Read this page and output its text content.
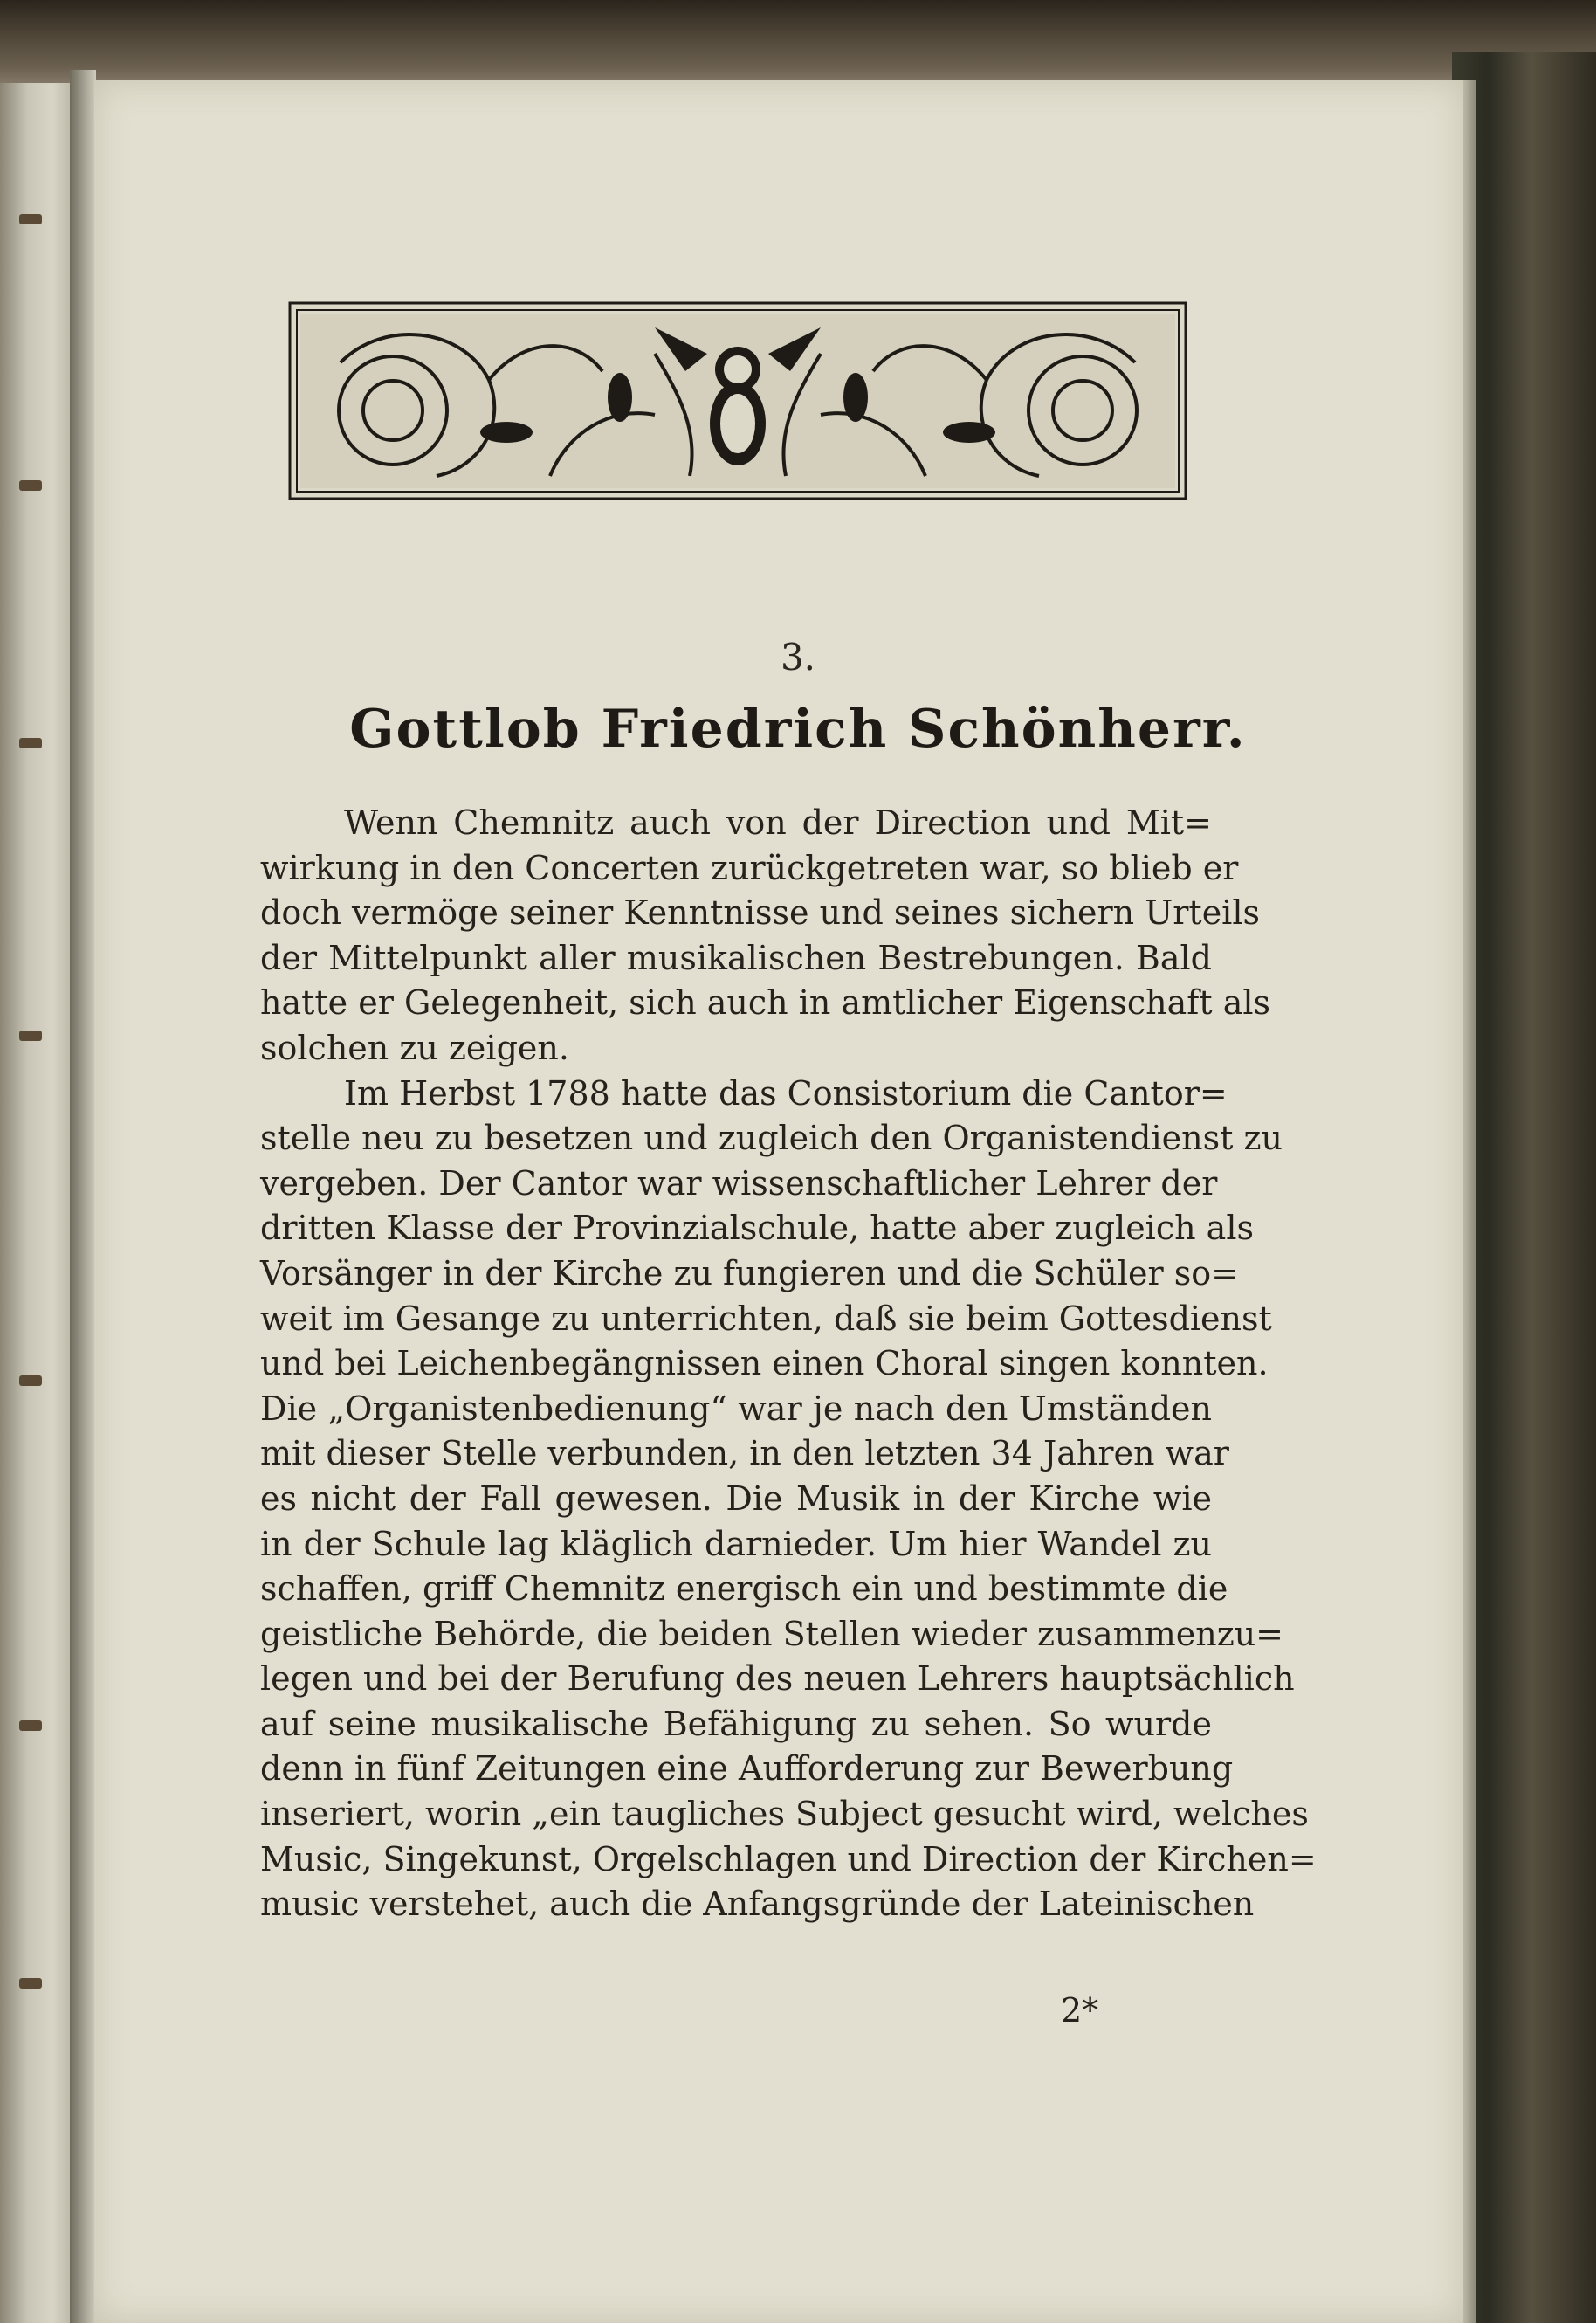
3.
Gottlob Friedrich Schönherr.
Wenn Chemnitz auch von der Direction und Mit=
wirkung in den Concerten zurückgetreten war, so blieb er
doch vermöge seiner Kenntnisse und seines sichern Urteils
der Mittelpunkt aller musikalischen Bestrebungen. Bald
hatte er Gelegenheit, sich auch in amtlicher Eigenschaft als
solchen zu zeigen.
Im Herbst 1788 hatte das Consistorium die Cantor=
stelle neu zu besetzen und zugleich den Organistendienst zu
vergeben. Der Cantor war wissenschaftlicher Lehrer der
dritten Klasse der Provinzialschule, hatte aber zugleich als
Vorsänger in der Kirche zu fungieren und die Schüler so=
weit im Gesange zu unterrichten, daß sie beim Gottesdienst
und bei Leichenbegängnissen einen Choral singen konnten.
Die „Organistenbedienung“ war je nach den Umständen
mit dieser Stelle verbunden, in den letzten 34 Jahren war
es nicht der Fall gewesen. Die Musik in der Kirche wie
in der Schule lag kläglich darnieder. Um hier Wandel zu
schaffen, griff Chemnitz energisch ein und bestimmte die
geistliche Behörde, die beiden Stellen wieder zusammenzu=
legen und bei der Berufung des neuen Lehrers hauptsächlich
auf seine musikalische Befähigung zu sehen. So wurde
denn in fünf Zeitungen eine Aufforderung zur Bewerbung
inseriert, worin „ein taugliches Subject gesucht wird, welches
Music, Singekunst, Orgelschlagen und Direction der Kirchen=
music verstehet, auch die Anfangsgründe der Lateinischen
2*
